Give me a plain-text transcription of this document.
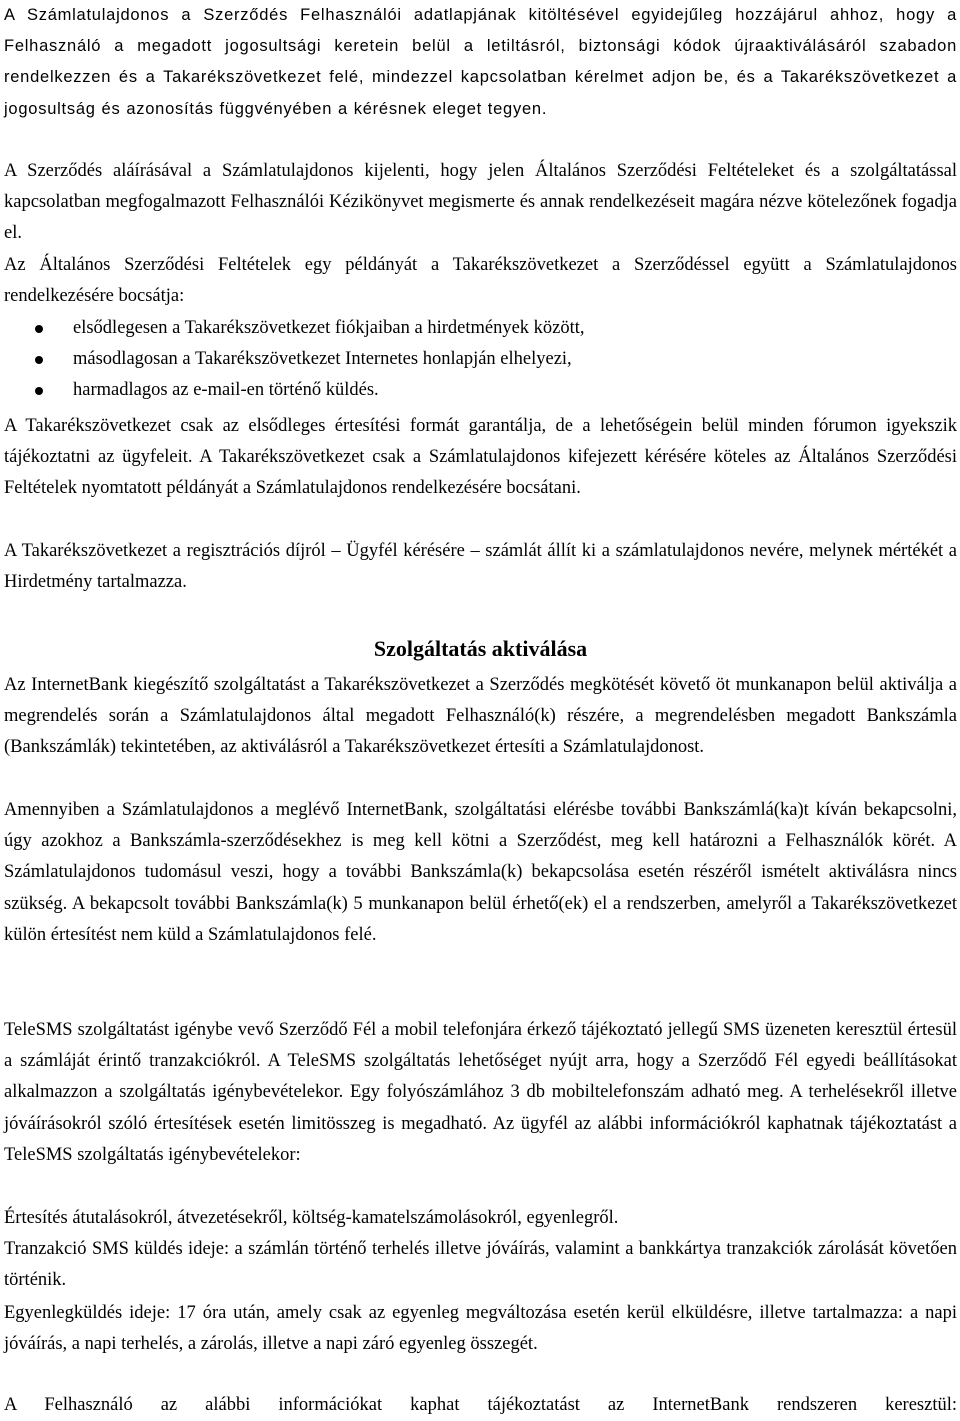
A Számlatulajdonos a Szerződés Felhasználói adatlapjának kitöltésével egyidejűleg hozzájárul ahhoz, hogy a Felhasználó a megadott jogosultsági keretein belül a letiltásról, biztonsági kódok újraaktiválásáról szabadon rendelkezzen és a Takarékszövetkezet felé, mindezzel kapcsolatban kérelmet adjon be, és a Takarékszövetkezet a jogosultság és azonosítás függvényében a kérésnek eleget tegyen.

A Szerződés aláírásával a Számlatulajdonos kijelenti, hogy jelen Általános Szerződési Feltételeket és a szolgáltatással kapcsolatban megfogalmazott Felhasználói Kézikönyvet megismerte és annak rendelkezéseit magára nézve kötelezőnek fogadja el.

Az Általános Szerződési Feltételek egy példányát a Takarékszövetkezet a Szerződéssel együtt a Számlatulajdonos rendelkezésére bocsátja:

elsődlegesen a Takarékszövetkezet fiókjaiban a hirdetmények között,
másodlagosan a Takarékszövetkezet Internetes honlapján elhelyezi,
harmadlagos az e-mail-en történő küldés.

A Takarékszövetkezet csak az elsődleges értesítési formát garantálja, de a lehetőségein belül minden fórumon igyekszik tájékoztatni az ügyfeleit. A Takarékszövetkezet csak a Számlatulajdonos kifejezett kérésére köteles az Általános Szerződési Feltételek nyomtatott példányát a Számlatulajdonos rendelkezésére bocsátani.

A Takarékszövetkezet a regisztrációs díjról – Ügyfél kérésére – számlát állít ki a számlatulajdonos nevére, melynek mértékét a Hirdetmény tartalmazza.

Szolgáltatás aktiválása

Az InternetBank kiegészítő szolgáltatást a Takarékszövetkezet a Szerződés megkötését követő öt munkanapon belül aktiválja a megrendelés során a Számlatulajdonos által megadott Felhasználó(k) részére, a megrendelésben megadott Bankszámla (Bankszámlák) tekintetében, az aktiválásról a Takarékszövetkezet értesíti a Számlatulajdonost.

Amennyiben a Számlatulajdonos a meglévő InternetBank, szolgáltatási elérésbe további Bankszámlá(ka)t kíván bekapcsolni, úgy azokhoz a Bankszámla-szerződésekhez is meg kell kötni a Szerződést, meg kell határozni a Felhasználók körét. A Számlatulajdonos tudomásul veszi, hogy a további Bankszámla(k) bekapcsolása esetén részéről ismételt aktiválásra nincs szükség. A bekapcsolt további Bankszámla(k) 5 munkanapon belül érhető(ek) el a rendszerben, amelyről a Takarékszövetkezet külön értesítést nem küld a Számlatulajdonos felé.

TeleSMS szolgáltatást igénybe vevő Szerződő Fél a mobil telefonjára érkező tájékoztató jellegű SMS üzeneten keresztül értesül a számláját érintő tranzakciókról. A TeleSMS szolgáltatás lehetőséget nyújt arra, hogy a Szerződő Fél egyedi beállításokat alkalmazzon a szolgáltatás igénybevételekor. Egy folyószámlához 3 db mobiltelefonszám adható meg. A terhelésekről illetve jóváírásokról szóló értesítések esetén limitösszeg is megadható. Az ügyfél az alábbi információkról kaphatnak tájékoztatást a TeleSMS szolgáltatás igénybevételekor:

Értesítés átutalásokról, átvezetésekről, költség-kamatelszámolásokról, egyenlegről.

Tranzakció SMS küldés ideje: a számlán történő terhelés illetve jóváírás, valamint a bankkártya tranzakciók zárolását követően történik.

Egyenlegküldés ideje: 17 óra után, amely csak az egyenleg megváltozása esetén kerül elküldésre, illetve tartalmazza: a napi jóváírás, a napi terhelés, a zárolás, illetve a napi záró egyenleg összegét.

A Felhasználó az alábbi információkat kaphat tájékoztatást az InternetBank rendszeren keresztül:
